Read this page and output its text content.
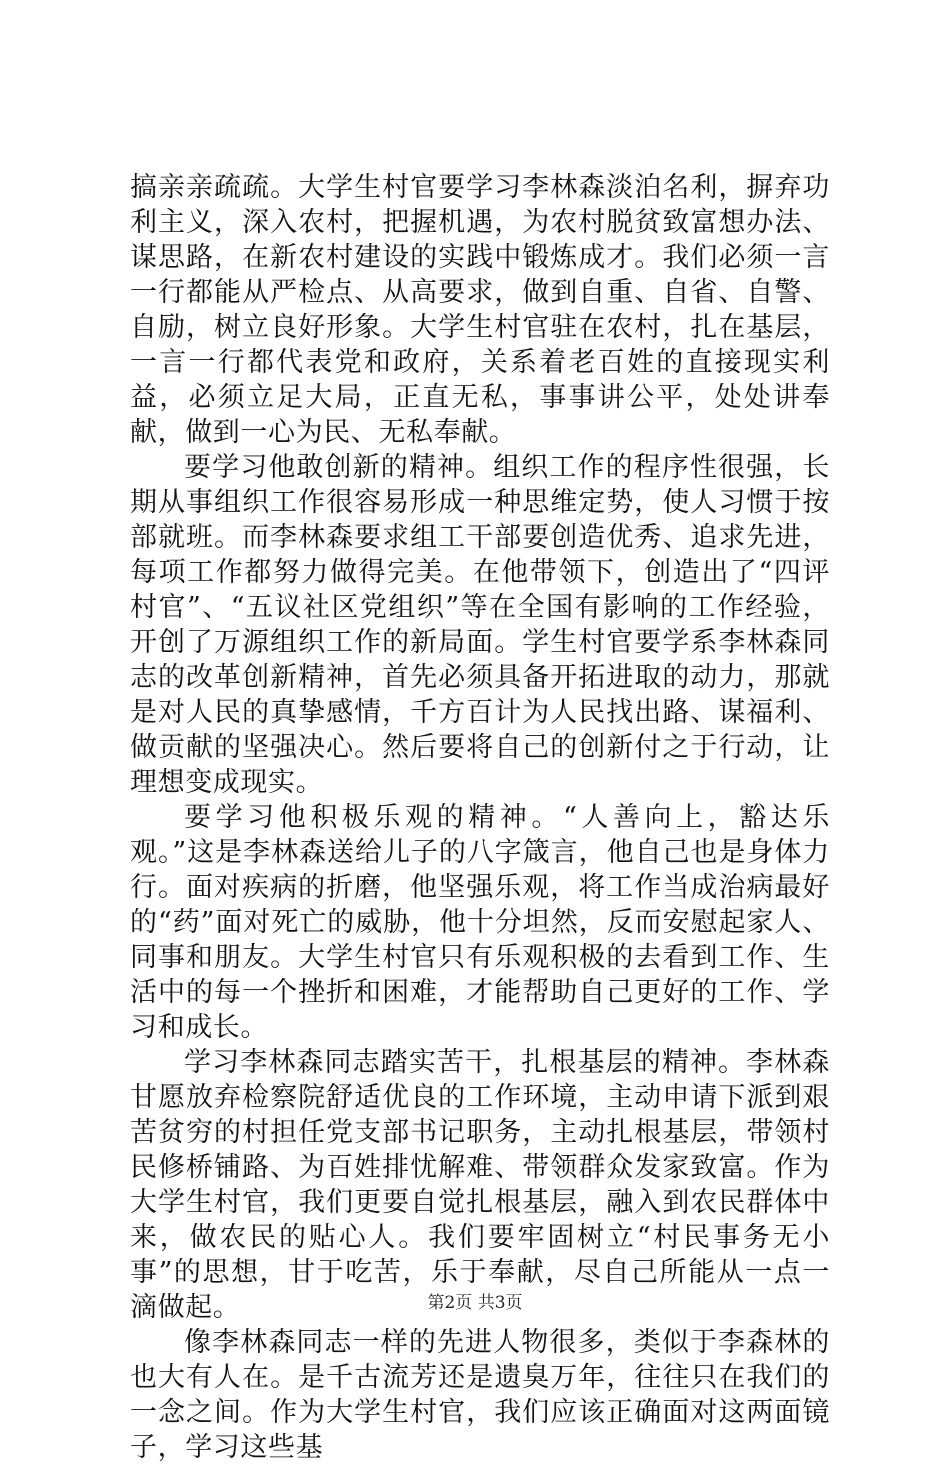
搞亲亲疏疏。大学生村官要学习李林森淡泊名利，摒弃功利主义，深入农村，把握机遇，为农村脱贫致富想办法、谋思路，在新农村建设的实践中锻炼成才。我们必须一言一行都能从严检点、从高要求，做到自重、自省、自警、自励，树立良好形象。大学生村官驻在农村，扎在基层，一言一行都代表党和政府，关系着老百姓的直接现实利益，必须立足大局，正直无私，事事讲公平，处处讲奉献，做到一心为民、无私奉献。

要学习他敢创新的精神。组织工作的程序性很强，长期从事组织工作很容易形成一种思维定势，使人习惯于按部就班。而李林森要求组工干部要创造优秀、追求先进，每项工作都努力做得完美。在他带领下，创造出了“四评村官”、“五议社区党组织”等在全国有影响的工作经验，开创了万源组织工作的新局面。学生村官要学系李林森同志的改革创新精神，首先必须具备开拓进取的动力，那就是对人民的真挚感情，千方百计为人民找出路、谋福利、做贡献的坚强决心。然后要将自己的创新付之于行动，让理想变成现实。

要学习他积极乐观的精神。“人善向上，豁达乐观。”这是李林森送给儿子的八字箴言，他自己也是身体力行。面对疾病的折磨，他坚强乐观，将工作当成治病最好的“药”面对死亡的威胁，他十分坦然，反而安慰起家人、同事和朋友。大学生村官只有乐观积极的去看到工作、生活中的每一个挫折和困难，才能帮助自己更好的工作、学习和成长。

学习李林森同志踏实苦干，扎根基层的精神。李林森甘愿放弃检察院舒适优良的工作环境，主动申请下派到艰苦贫穷的村担任党支部书记职务，主动扎根基层，带领村民修桥铺路、为百姓排忧解难、带领群众发家致富。作为大学生村官，我们更要自觉扎根基层，融入到农民群体中来，做农民的贴心人。我们要牢固树立“村民事务无小事”的思想，甘于吃苦，乐于奉献，尽自己所能从一点一滴做起。

像李林森同志一样的先进人物很多，类似于李森林的也大有人在。是千古流芳还是遗臭万年，往往只在我们的一念之间。作为大学生村官，我们应该正确面对这两面镜子，学习这些基

第2页 共3页
